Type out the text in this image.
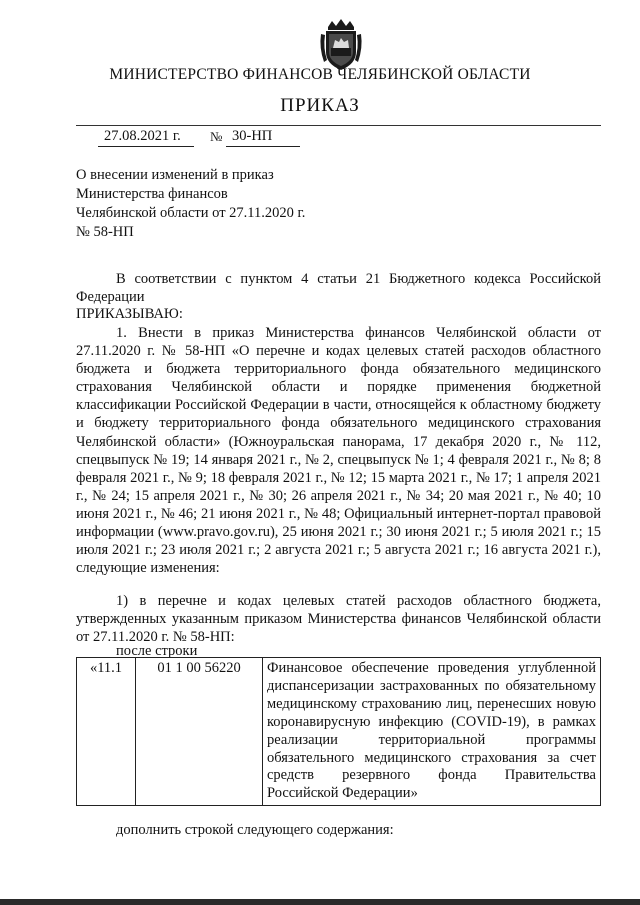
МИНИСТЕРСТВО ФИНАНСОВ ЧЕЛЯБИНСКОЙ ОБЛАСТИ
ПРИКАЗ
27.08.2021 г. № 30-НП
О внесении изменений в приказ
Министерства финансов
Челябинской области от 27.11.2020 г.
№ 58-НП
В соответствии с пунктом 4 статьи 21 Бюджетного кодекса Российской Федерации
ПРИКАЗЫВАЮ:
1. Внести в приказ Министерства финансов Челябинской области от 27.11.2020 г. № 58-НП «О перечне и кодах целевых статей расходов областного бюджета и бюджета территориального фонда обязательного медицинского страхования Челябинской области и порядке применения бюджетной классификации Российской Федерации в части, относящейся к областному бюджету и бюджету территориального фонда обязательного медицинского страхования Челябинской области» (Южноуральская панорама, 17 декабря 2020 г., № 112, спецвыпуск № 19; 14 января 2021 г., № 2, спецвыпуск № 1; 4 февраля 2021 г., № 8; 8 февраля 2021 г., № 9; 18 февраля 2021 г., № 12; 15 марта 2021 г., № 17; 1 апреля 2021 г., № 24; 15 апреля 2021 г., № 30; 26 апреля 2021 г., № 34; 20 мая 2021 г., № 40; 10 июня 2021 г., № 46; 21 июня 2021 г., № 48; Официальный интернет-портал правовой информации (www.pravo.gov.ru), 25 июня 2021 г.; 30 июня 2021 г.; 5 июля 2021 г.; 15 июля 2021 г.; 23 июля 2021 г.; 2 августа 2021 г.; 5 августа 2021 г.; 16 августа 2021 г.), следующие изменения:
1) в перечне и кодах целевых статей расходов областного бюджета, утвержденных указанным приказом Министерства финансов Челябинской области от 27.11.2020 г. № 58-НП:
после строки
«11.1	01 1 00 56220	Финансовое обеспечение проведения углубленной диспансеризации застрахованных по обязательному медицинскому страхованию лиц, перенесших новую коронавирусную инфекцию (COVID-19), в рамках реализации территориальной программы обязательного медицинского страхования за счет средств резервного фонда Правительства Российской Федерации»
дополнить строкой следующего содержания:
